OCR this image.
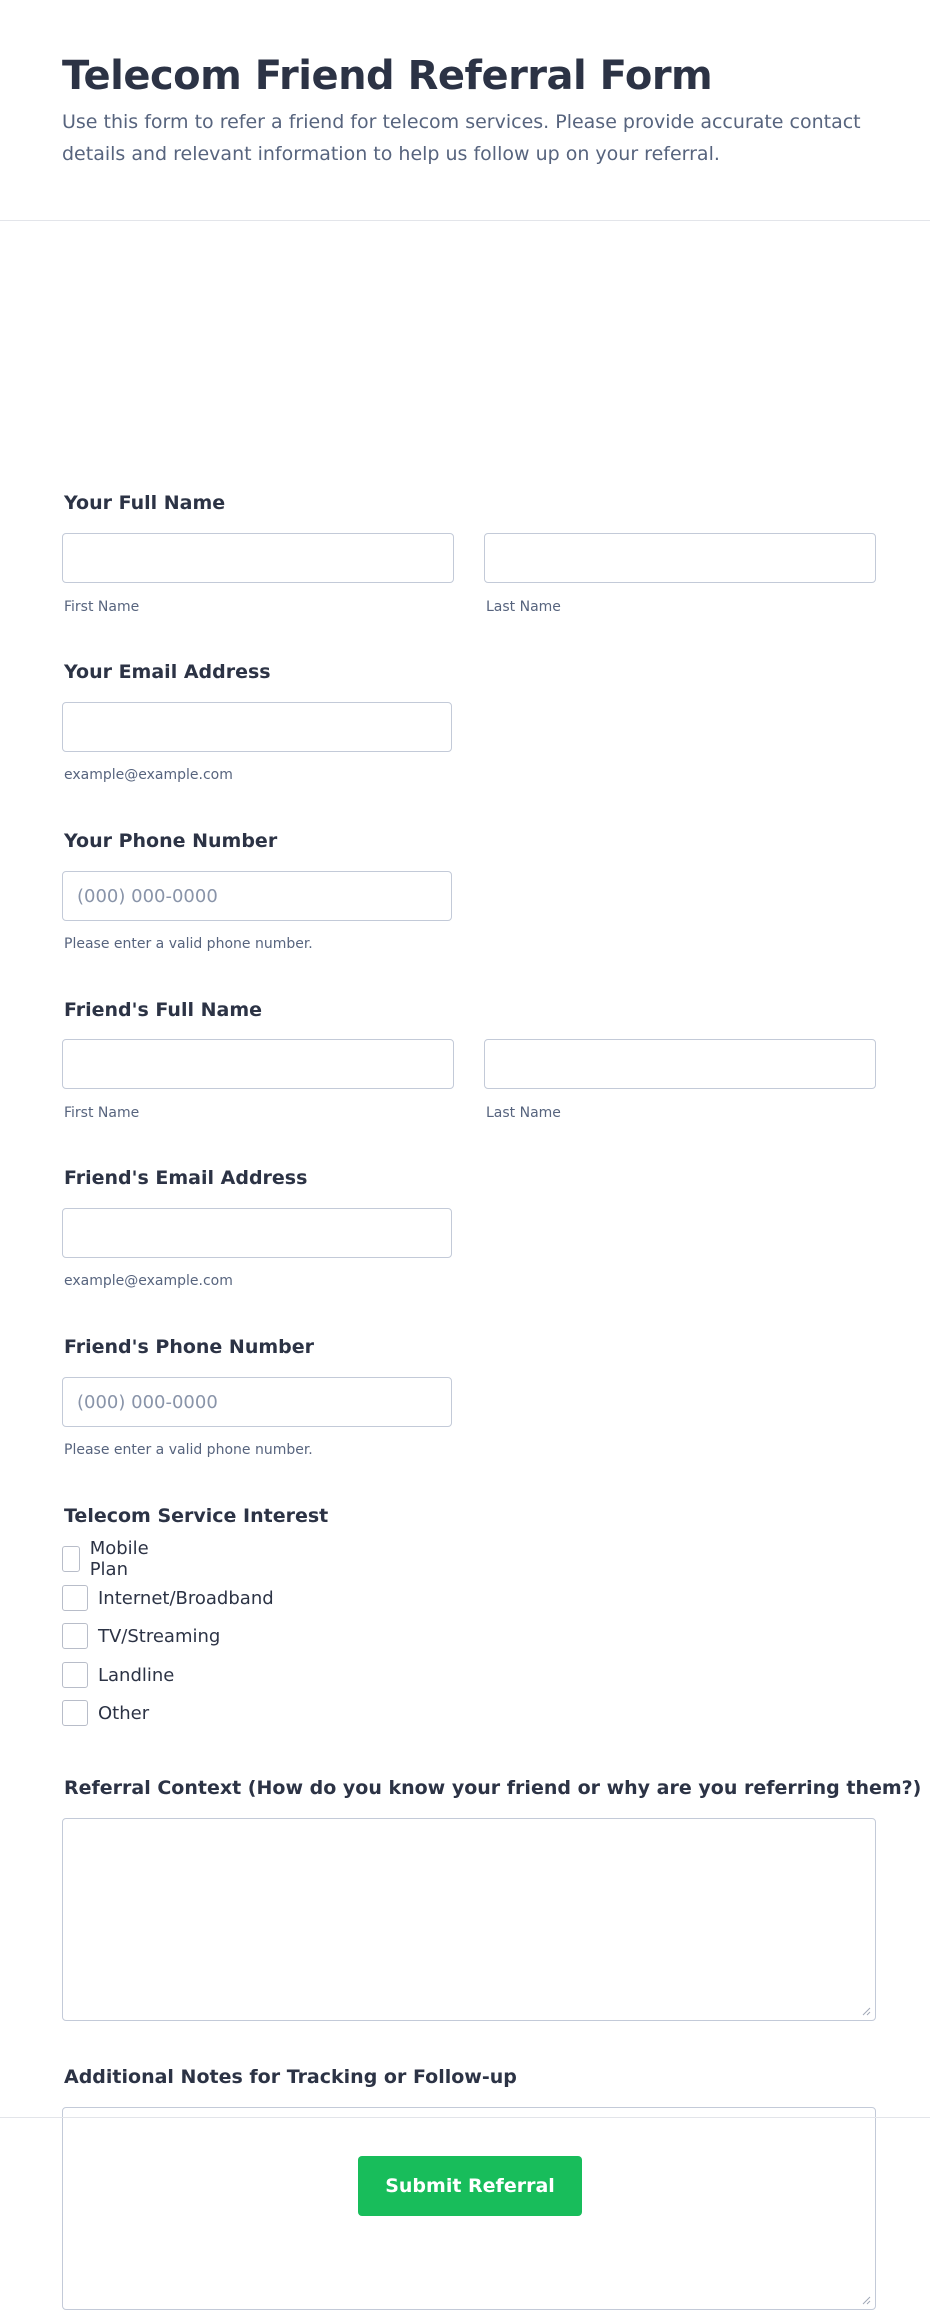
Telecom Friend Referral Form
Use this form to refer a friend for telecom services. Please provide accurate contact details and relevant information to help us follow up on your referral.
Your Full Name
First Name	Last Name
Your Email Address
example@example.com
Your Phone Number
(000) 000-0000
Please enter a valid phone number.
Friend's Full Name
First Name	Last Name
Friend's Email Address
example@example.com
Friend's Phone Number
(000) 000-0000
Please enter a valid phone number.
Telecom Service Interest
Mobile Plan
Internet/Broadband
TV/Streaming
Landline
Other
Referral Context (How do you know your friend or why are you referring them?)
Additional Notes for Tracking or Follow-up
Submit Referral
